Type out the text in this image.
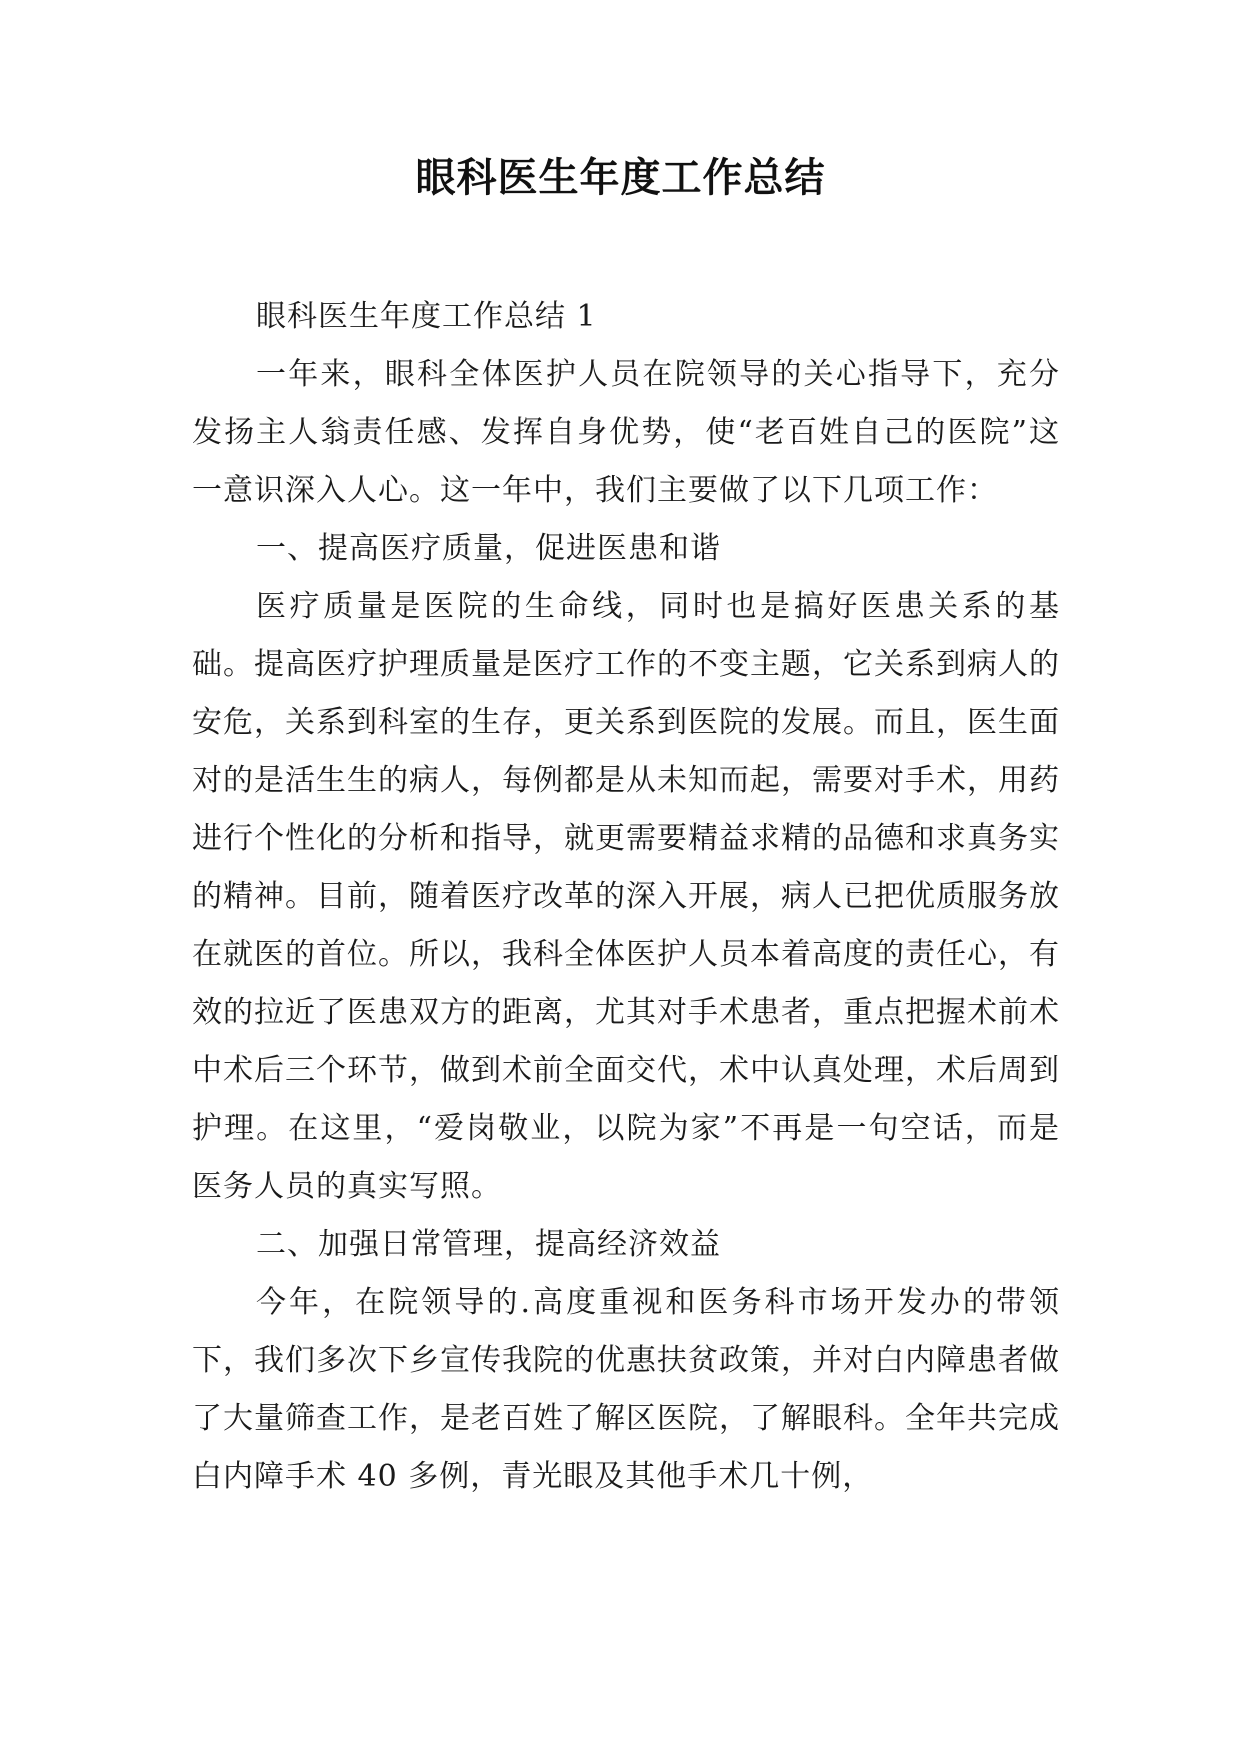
眼科医生年度工作总结

眼科医生年度工作总结 1

一年来，眼科全体医护人员在院领导的关心指导下，充分发扬主人翁责任感、发挥自身优势，使“老百姓自己的医院”这一意识深入人心。这一年中，我们主要做了以下几项工作：

一、提高医疗质量，促进医患和谐

医疗质量是医院的生命线，同时也是搞好医患关系的基础。提高医疗护理质量是医疗工作的不变主题，它关系到病人的安危，关系到科室的生存，更关系到医院的发展。而且，医生面对的是活生生的病人，每例都是从未知而起，需要对手术，用药进行个性化的分析和指导，就更需要精益求精的品德和求真务实的精神。目前，随着医疗改革的深入开展，病人已把优质服务放在就医的首位。所以，我科全体医护人员本着高度的责任心，有效的拉近了医患双方的距离，尤其对手术患者，重点把握术前术中术后三个环节，做到术前全面交代，术中认真处理，术后周到护理。在这里，“爱岗敬业，以院为家”不再是一句空话，而是医务人员的真实写照。

二、加强日常管理，提高经济效益

今年，在院领导的.高度重视和医务科市场开发办的带领下，我们多次下乡宣传我院的优惠扶贫政策，并对白内障患者做了大量筛查工作，是老百姓了解区医院，了解眼科。全年共完成白内障手术 40 多例，青光眼及其他手术几十例，
